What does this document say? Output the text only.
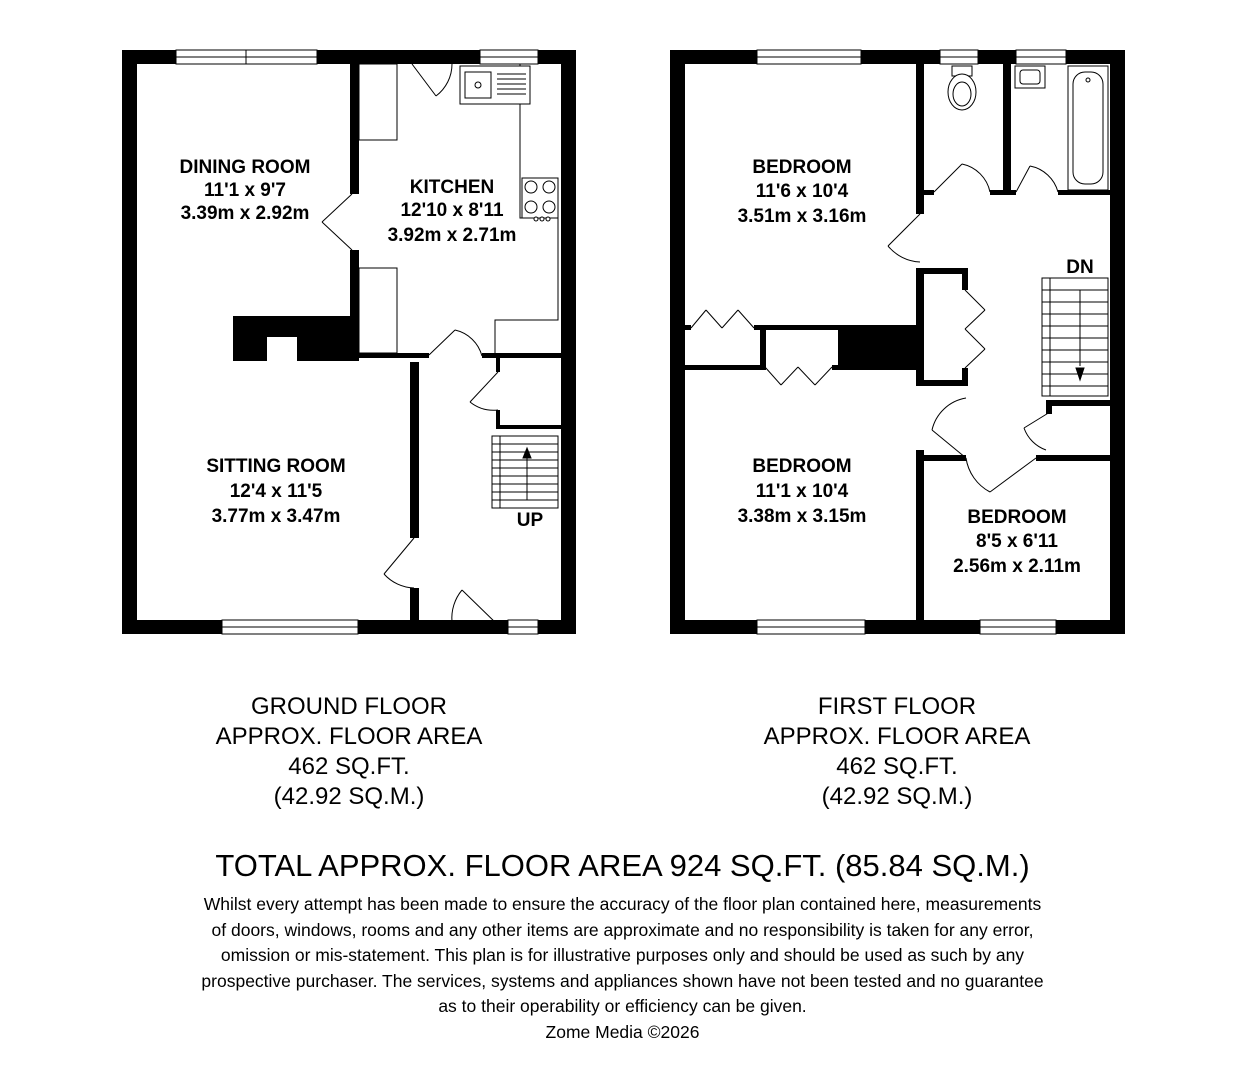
DINING ROOM
11'1 x 9'7
3.39m x 2.92m
KITCHEN
12'10 x 8'11
3.92m x 2.71m
SITTING ROOM
12'4 x 11'5
3.77m x 3.47m	UP
BEDROOM
11'6 x 10'4
3.51m x 3.16m
BEDROOM
11'1 x 10'4
3.38m x 3.15m	BEDROOM
8'5 x 6'11
2.56m x 2.11m
DN
GROUND FLOOR
APPROX. FLOOR AREA
462 SQ.FT.
(42.92 SQ.M.)
FIRST FLOOR
APPROX. FLOOR AREA
462 SQ.FT.
(42.92 SQ.M.)
TOTAL APPROX. FLOOR AREA 924 SQ.FT. (85.84 SQ.M.)
Whilst every attempt has been made to ensure the accuracy of the floor plan contained here, measurements
of doors, windows, rooms and any other items are approximate and no responsibility is taken for any error,
omission or mis-statement. This plan is for illustrative purposes only and should be used as such by any
prospective purchaser. The services, systems and appliances shown have not been tested and no guarantee
as to their operability or efficiency can be given.
Zome Media ©2026
